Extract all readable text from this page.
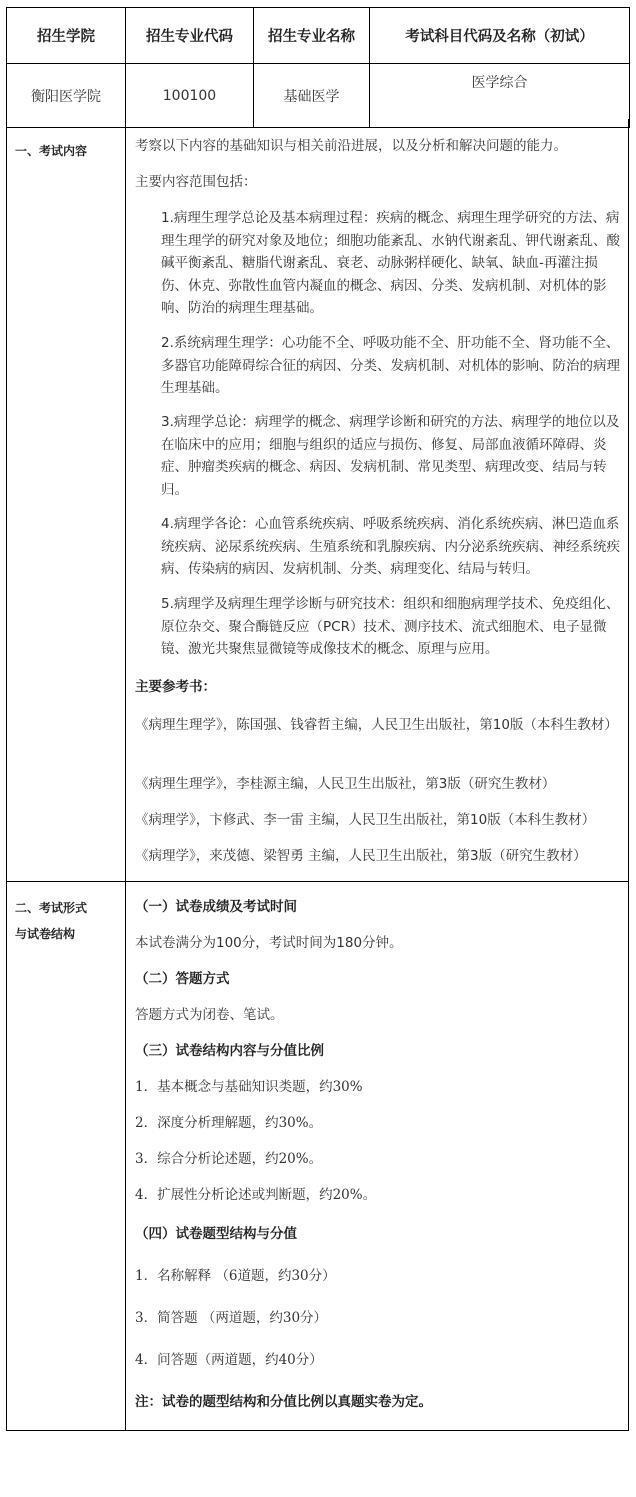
招生学院	招生专业代码	招生专业名称	考试科目代码及名称（初试）
衡阳医学院	100100	基础医学	医学综合
一、考试内容	考察以下内容的基础知识与相关前沿进展，以及分析和解决问题的能力。

主要内容范围包括：

1.病理生理学总论及基本病理过程：疾病的概念、病理生理学研究的方法、病理生理学的研究对象及地位；细胞功能紊乱、水钠代谢紊乱、钾代谢紊乱、酸碱平衡紊乱、糖脂代谢紊乱、衰老、动脉粥样硬化、缺氧、缺血-再灌注损伤、休克、弥散性血管内凝血的概念、病因、分类、发病机制、对机体的影响、防治的病理生理基础。

2.系统病理生理学：心功能不全、呼吸功能不全、肝功能不全、肾功能不全、多器官功能障碍综合征的病因、分类、发病机制、对机体的影响、防治的病理生理基础。

3.病理学总论：病理学的概念、病理学诊断和研究的方法、病理学的地位以及在临床中的应用；细胞与组织的适应与损伤、修复、局部血液循环障碍、炎症、肿瘤类疾病的概念、病因、发病机制、常见类型、病理改变、结局与转归。

4.病理学各论：心血管系统疾病、呼吸系统疾病、消化系统疾病、淋巴造血系统疾病、泌尿系统疾病、生殖系统和乳腺疾病、内分泌系统疾病、神经系统疾病、传染病的病因、发病机制、分类、病理变化、结局与转归。

5.病理学及病理生理学诊断与研究技术：组织和细胞病理学技术、免疫组化、原位杂交、聚合酶链反应（PCR）技术、测序技术、流式细胞术、电子显微镜、激光共聚焦显微镜等成像技术的概念、原理与应用。

主要参考书：

《病理生理学》，陈国强、钱睿哲主编，人民卫生出版社，第10版（本科生教材）

《病理生理学》，李桂源主编，人民卫生出版社，第3版（研究生教材）

《病理学》，卞修武、李一雷 主编，人民卫生出版社，第10版（本科生教材）

《病理学》，来茂德、梁智勇 主编，人民卫生出版社，第3版（研究生教材）

二、考试形式
与试卷结构

（一）试卷成绩及考试时间

本试卷满分为100分，考试时间为180分钟。

（二）答题方式

答题方式为闭卷、笔试。

（三）试卷结构内容与分值比例

1．基本概念与基础知识类题，约30%

2．深度分析理解题，约30%。

3．综合分析论述题，约20%。

4．扩展性分析论述或判断题，约20%。

（四）试卷题型结构与分值

1．名称解释 （6道题，约30分）

3．简答题 （两道题，约30分）

4．问答题（两道题，约40分）

注：试卷的题型结构和分值比例以真题实卷为定。
